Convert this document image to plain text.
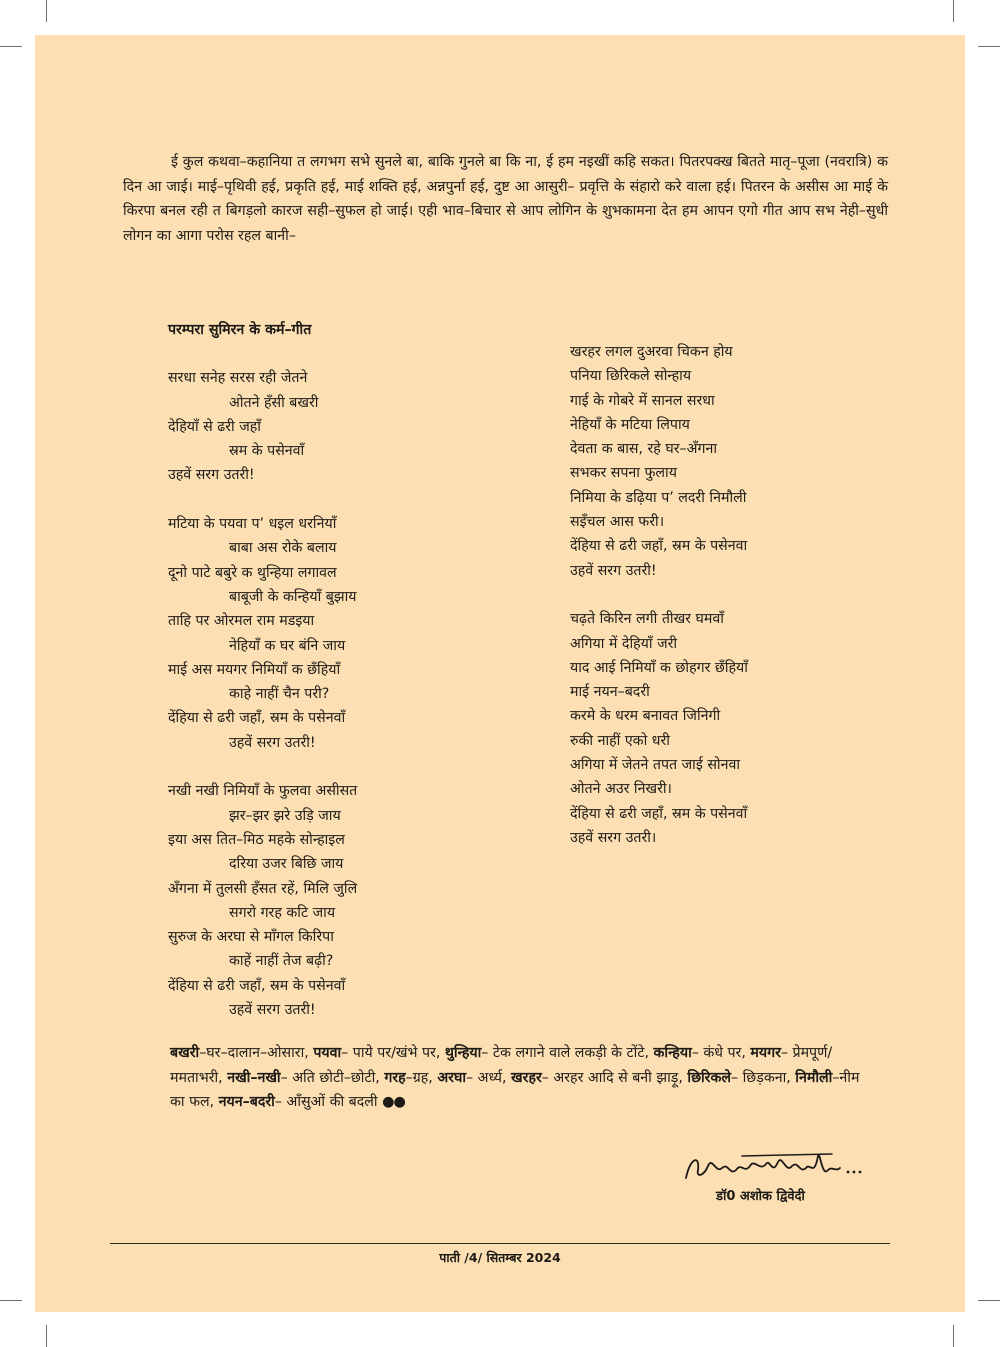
ई कुल कथवा–कहानिया त लगभग सभे सुनले बा, बाकि गुनले बा कि ना, ई हम नइखीं कहि सकत। पितरपक्ख बितते मातृ–पूजा (नवरात्रि) क दिन आ जाई। माई–पृथिवी हई, प्रकृति हई, माई शक्ति हई, अन्नपुर्ना हई, दुष्ट आ आसुरी– प्रवृत्ति के संहारो करे वाला हई। पितरन के असीस आ माई के किरपा बनल रही त बिगड़लो कारज सही–सुफल हो जाई। एही भाव–बिचार से आप लोगिन के शुभकामना देत हम आपन एगो गीत आप सभ नेही–सुधी लोगन का आगा परोस रहल बानी–

परम्परा सुमिरन के कर्म–गीत
सरधा सनेह सरस रही जेतने
ओतने हँसी बखरी
देहियाँ से ढरी जहाँ
स्रम के पसेनवाँ
उहवें सरग उतरी!
मटिया के पयवा प’ धइल धरनियाँ
बाबा अस रोके बलाय
दूनो पाटे बबुरे क थुन्हिया लगावल
बाबूजी के कन्हियाँ बुझाय
ताहि पर ओरमल राम मडइया
नेहियाँ क घर बंनि जाय
माई अस मयगर निमियाँ क छँहियाँ
काहे नाहीं चैन परी?
देंहिया से ढरी जहाँ, स्रम के पसेनवाँ
उहवें सरग उतरी!
नखी नखी निमियाँ के फुलवा असीसत
झर–झर झरे उड़ि जाय
इया अस तित–मिठ महके सोन्हाइल
दरिया उजर बिछि जाय
अँगना में तुलसी हँसत रहें, मिलि जुलि
सगरो गरह कटि जाय
सुरुज के अरघा से माँगल किरिपा
काहें नाहीं तेज बढ़ी?
देंहिया से ढरी जहाँ, स्रम के पसेनवाँ
उहवें सरग उतरी!
खरहर लगल दुअरवा चिकन होय
पनिया छिरिकले सोन्हाय
गाई के गोबरे में सानल सरधा
नेहियाँ के मटिया लिपाय
देवता क बास, रहे घर–अँगना
सभकर सपना फुलाय
निमिया के डढ़िया प’ लदरी निमौली
सइँचल आस फरी।
देंहिया से ढरी जहाँ, स्रम के पसेनवा
उहवें सरग उतरी!
चढ़ते किरिन लगी तीखर घमवाँ
अगिया में देहियाँ जरी
याद आई निमियाँ क छोहगर छँहियाँ
माई नयन–बदरी
करमे के धरम बनावत जिनिगी
रुकी नाहीं एको धरी
अगिया में जेतने तपत जाई सोनवा
ओतने अउर निखरी।
देंहिया से ढरी जहाँ, स्रम के पसेनवाँ
उहवें सरग उतरी।

बखरी–घर–दालान–ओसारा, पयवा– पाये पर/खंभे पर, थुन्हिया– टेक लगाने वाले लकड़ी के टोंटे, कन्हिया– कंधे पर, मयगर– प्रेमपूर्ण/ममताभरी, नखी–नखी– अति छोटी–छोटी, गरह–ग्रह, अरघा– अर्ध्य, खरहर– अरहर आदि से बनी झाड़ू, छिरिकले– छिड़कना, निमौली–नीम का फल, नयन–बदरी– आँसुओं की बदली ●●

डॉ0 अशोक द्विवेदी
पाती /4/ सितम्बर 2024
